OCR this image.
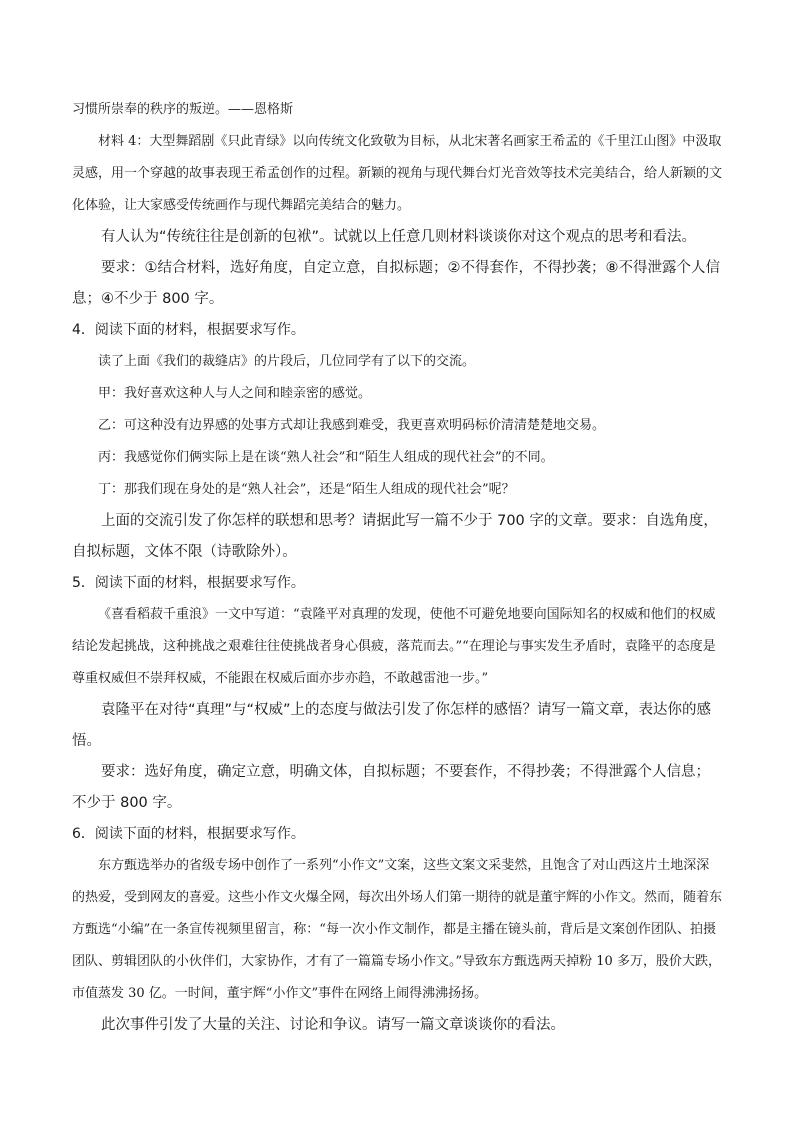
习惯所崇奉的秩序的叛逆。——恩格斯

材料 4：大型舞蹈剧《只此青绿》以向传统文化致敬为目标，从北宋著名画家王希孟的《千里江山图》中汲取灵感，用一个穿越的故事表现王希孟创作的过程。新颖的视角与现代舞台灯光音效等技术完美结合，给人新颖的文化体验，让大家感受传统画作与现代舞蹈完美结合的魅力。

有人认为“传统往往是创新的包袱”。试就以上任意几则材料谈谈你对这个观点的思考和看法。

要求：①结合材料，选好角度，自定立意，自拟标题；②不得套作，不得抄袭；⑧不得泄露个人信息；④不少于 800 字。

4．阅读下面的材料，根据要求写作。

读了上面《我们的裁缝店》的片段后，几位同学有了以下的交流。

甲：我好喜欢这种人与人之间和睦亲密的感觉。

乙：可这种没有边界感的处事方式却让我感到难受，我更喜欢明码标价清清楚楚地交易。

丙：我感觉你们俩实际上是在谈“熟人社会”和“陌生人组成的现代社会”的不同。

丁：那我们现在身处的是“熟人社会”，还是“陌生人组成的现代社会”呢？

上面的交流引发了你怎样的联想和思考？请据此写一篇不少于 700 字的文章。要求：自选角度，自拟标题，文体不限（诗歌除外）。

5．阅读下面的材料，根据要求写作。

《喜看稻菽千重浪》一文中写道：“袁隆平对真理的发现，使他不可避免地要向国际知名的权威和他们的权威结论发起挑战，这种挑战之艰难往往使挑战者身心俱疲，落荒而去。”“在理论与事实发生矛盾时，袁隆平的态度是尊重权威但不崇拜权威，不能跟在权威后面亦步亦趋，不敢越雷池一步。”

袁隆平在对待“真理”与“权威”上的态度与做法引发了你怎样的感悟？请写一篇文章，表达你的感悟。

要求：选好角度，确定立意，明确文体，自拟标题；不要套作，不得抄袭；不得泄露个人信息；不少于 800 字。

6．阅读下面的材料，根据要求写作。

东方甄选举办的省级专场中创作了一系列“小作文”文案，这些文案文采斐然，且饱含了对山西这片土地深深的热爱，受到网友的喜爱。这些小作文火爆全网，每次出外场人们第一期待的就是董宇辉的小作文。然而，随着东方甄选“小编”在一条宣传视频里留言，称：“每一次小作文制作，都是主播在镜头前，背后是文案创作团队、拍摄团队、剪辑团队的小伙伴们，大家协作，才有了一篇篇专场小作文。”导致东方甄选两天掉粉 10 多万，股价大跌，市值蒸发 30 亿。一时间，董宇辉“小作文”事件在网络上闹得沸沸扬扬。

此次事件引发了大量的关注、讨论和争议。请写一篇文章谈谈你的看法。
